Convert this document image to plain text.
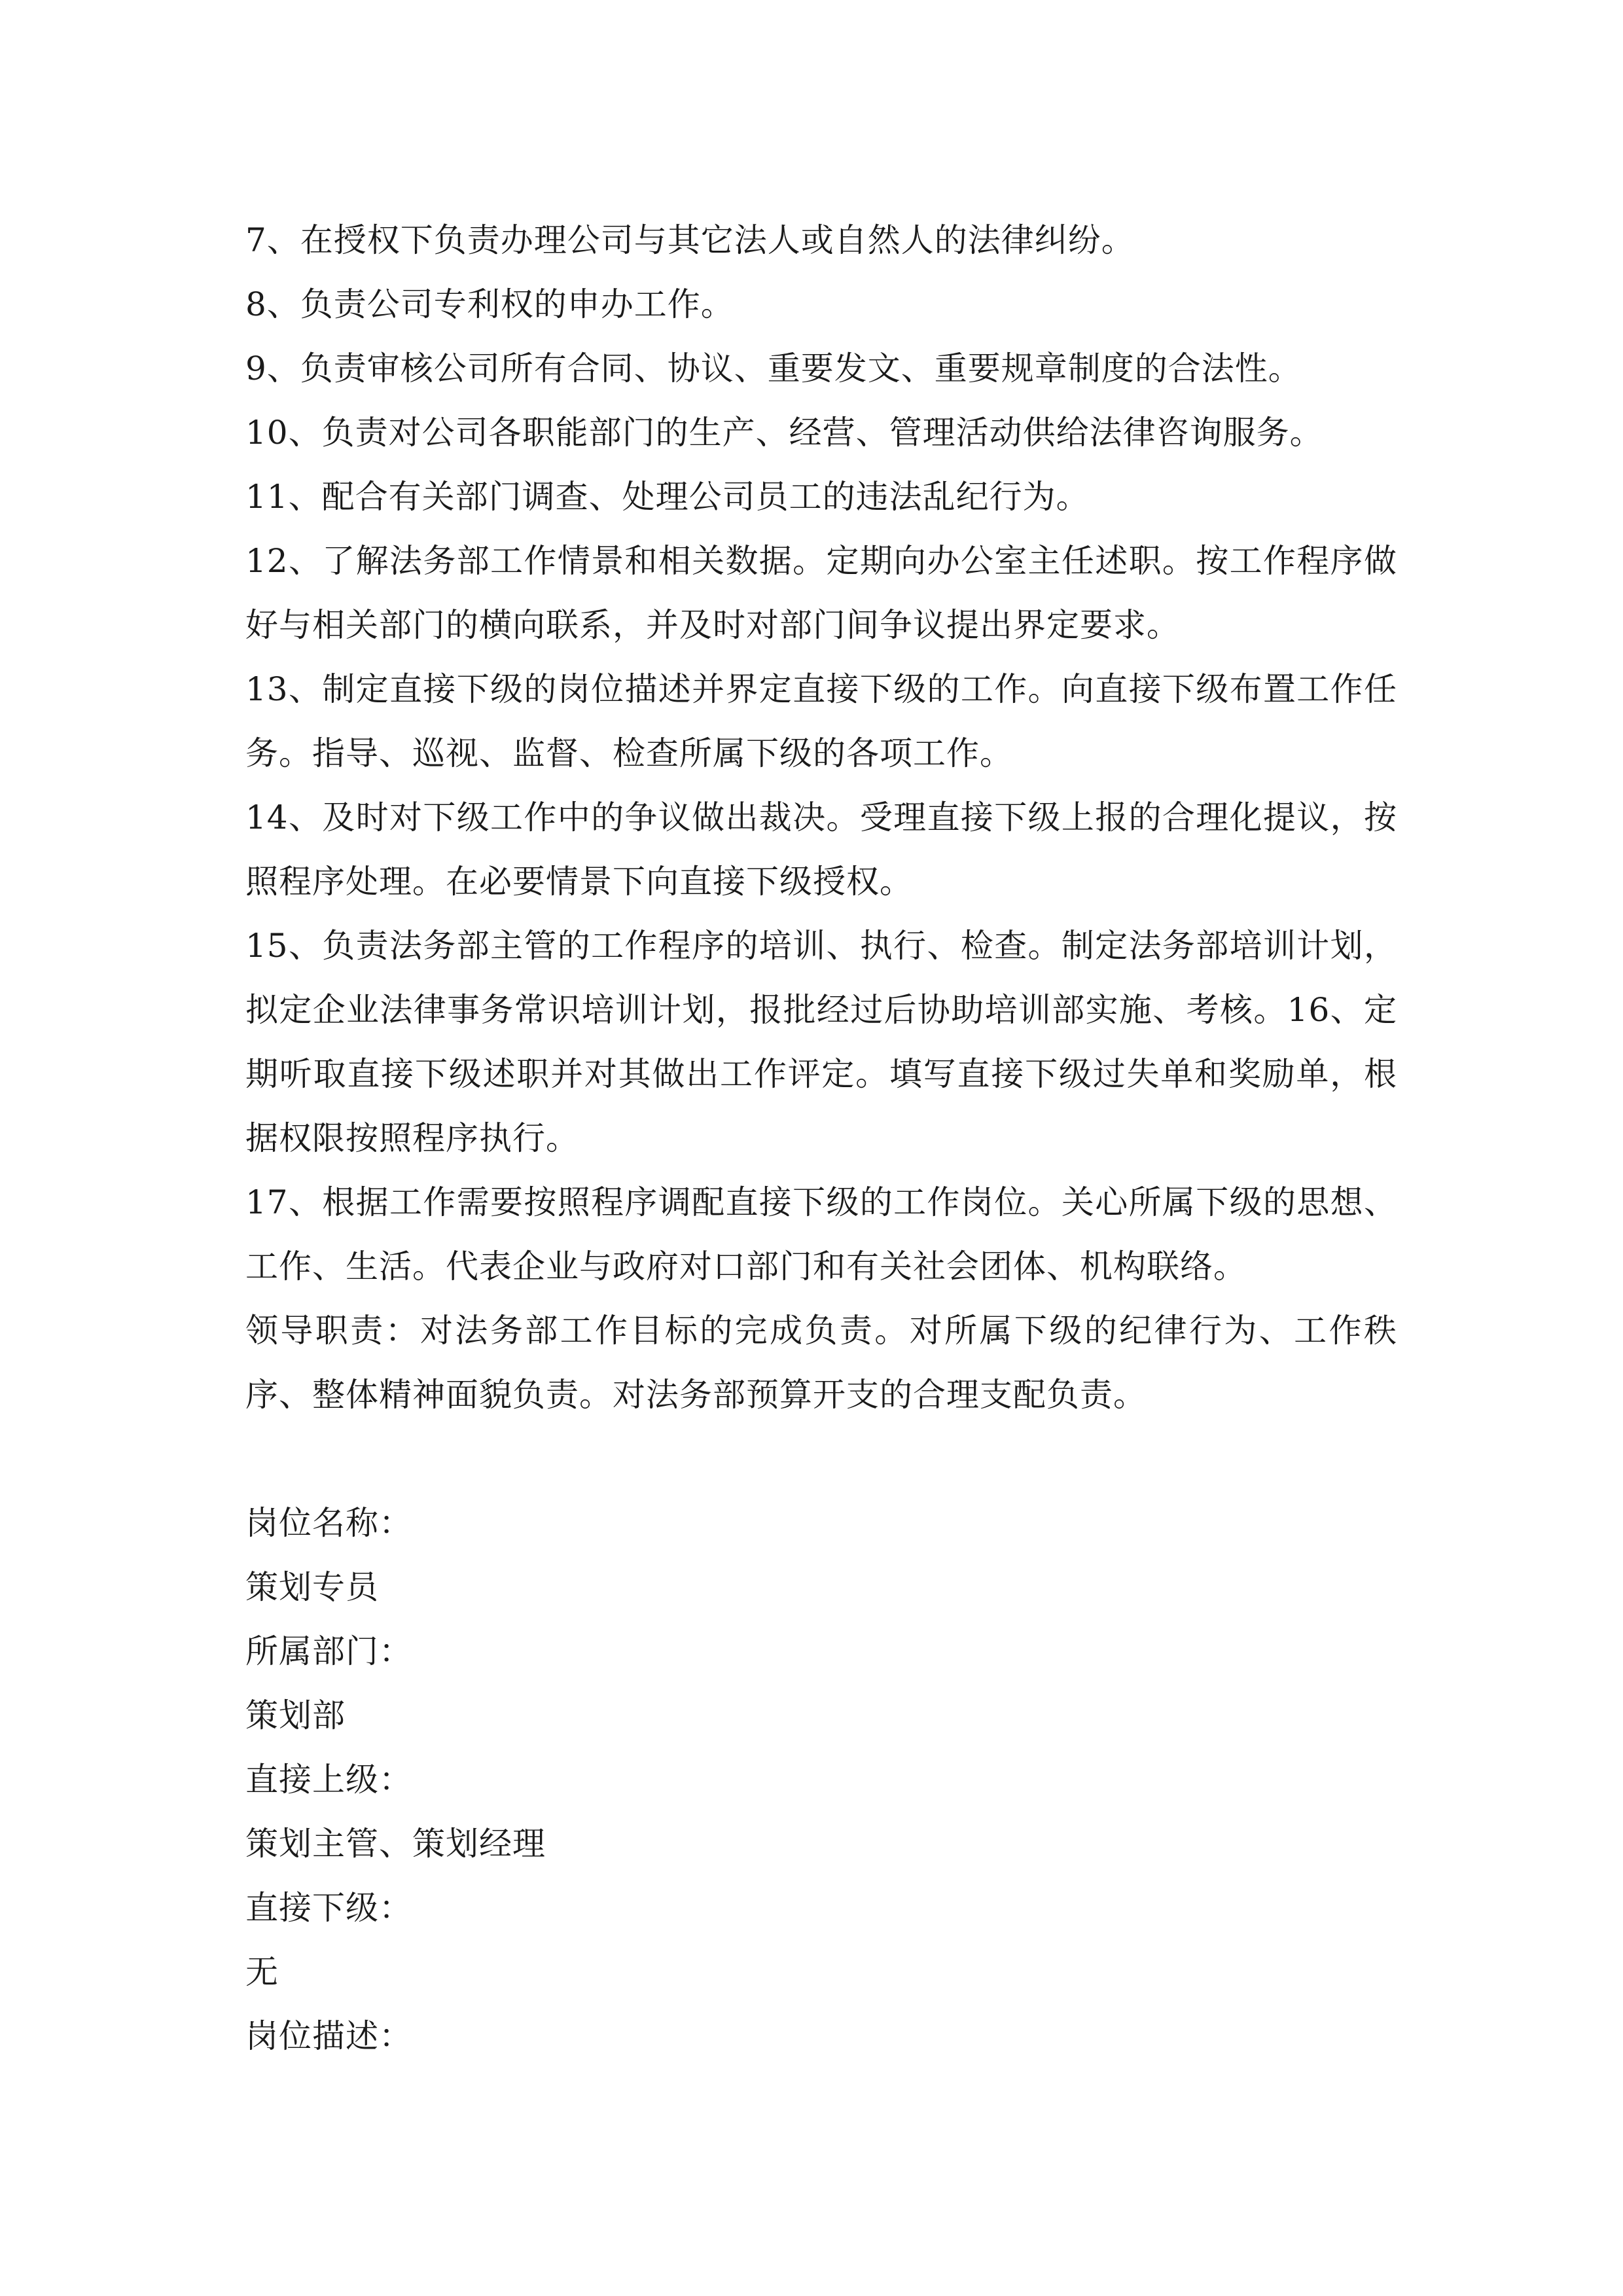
7、在授权下负责办理公司与其它法人或自然人的法律纠纷。

8、负责公司专利权的申办工作。

9、负责审核公司所有合同、协议、重要发文、重要规章制度的合法性。

10、负责对公司各职能部门的生产、经营、管理活动供给法律咨询服务。

11、配合有关部门调查、处理公司员工的违法乱纪行为。

12、了解法务部工作情景和相关数据。定期向办公室主任述职。按工作程序做好与相关部门的横向联系，并及时对部门间争议提出界定要求。

13、制定直接下级的岗位描述并界定直接下级的工作。向直接下级布置工作任务。指导、巡视、监督、检查所属下级的各项工作。

14、及时对下级工作中的争议做出裁决。受理直接下级上报的合理化提议，按照程序处理。在必要情景下向直接下级授权。

15、负责法务部主管的工作程序的培训、执行、检查。制定法务部培训计划，拟定企业法律事务常识培训计划，报批经过后协助培训部实施、考核。16、定期听取直接下级述职并对其做出工作评定。填写直接下级过失单和奖励单，根据权限按照程序执行。

17、根据工作需要按照程序调配直接下级的工作岗位。关心所属下级的思想、工作、生活。代表企业与政府对口部门和有关社会团体、机构联络。

领导职责：对法务部工作目标的完成负责。对所属下级的纪律行为、工作秩序、整体精神面貌负责。对法务部预算开支的合理支配负责。

岗位名称：

策划专员

所属部门：

策划部

直接上级：

策划主管、策划经理

直接下级：

无

岗位描述：
